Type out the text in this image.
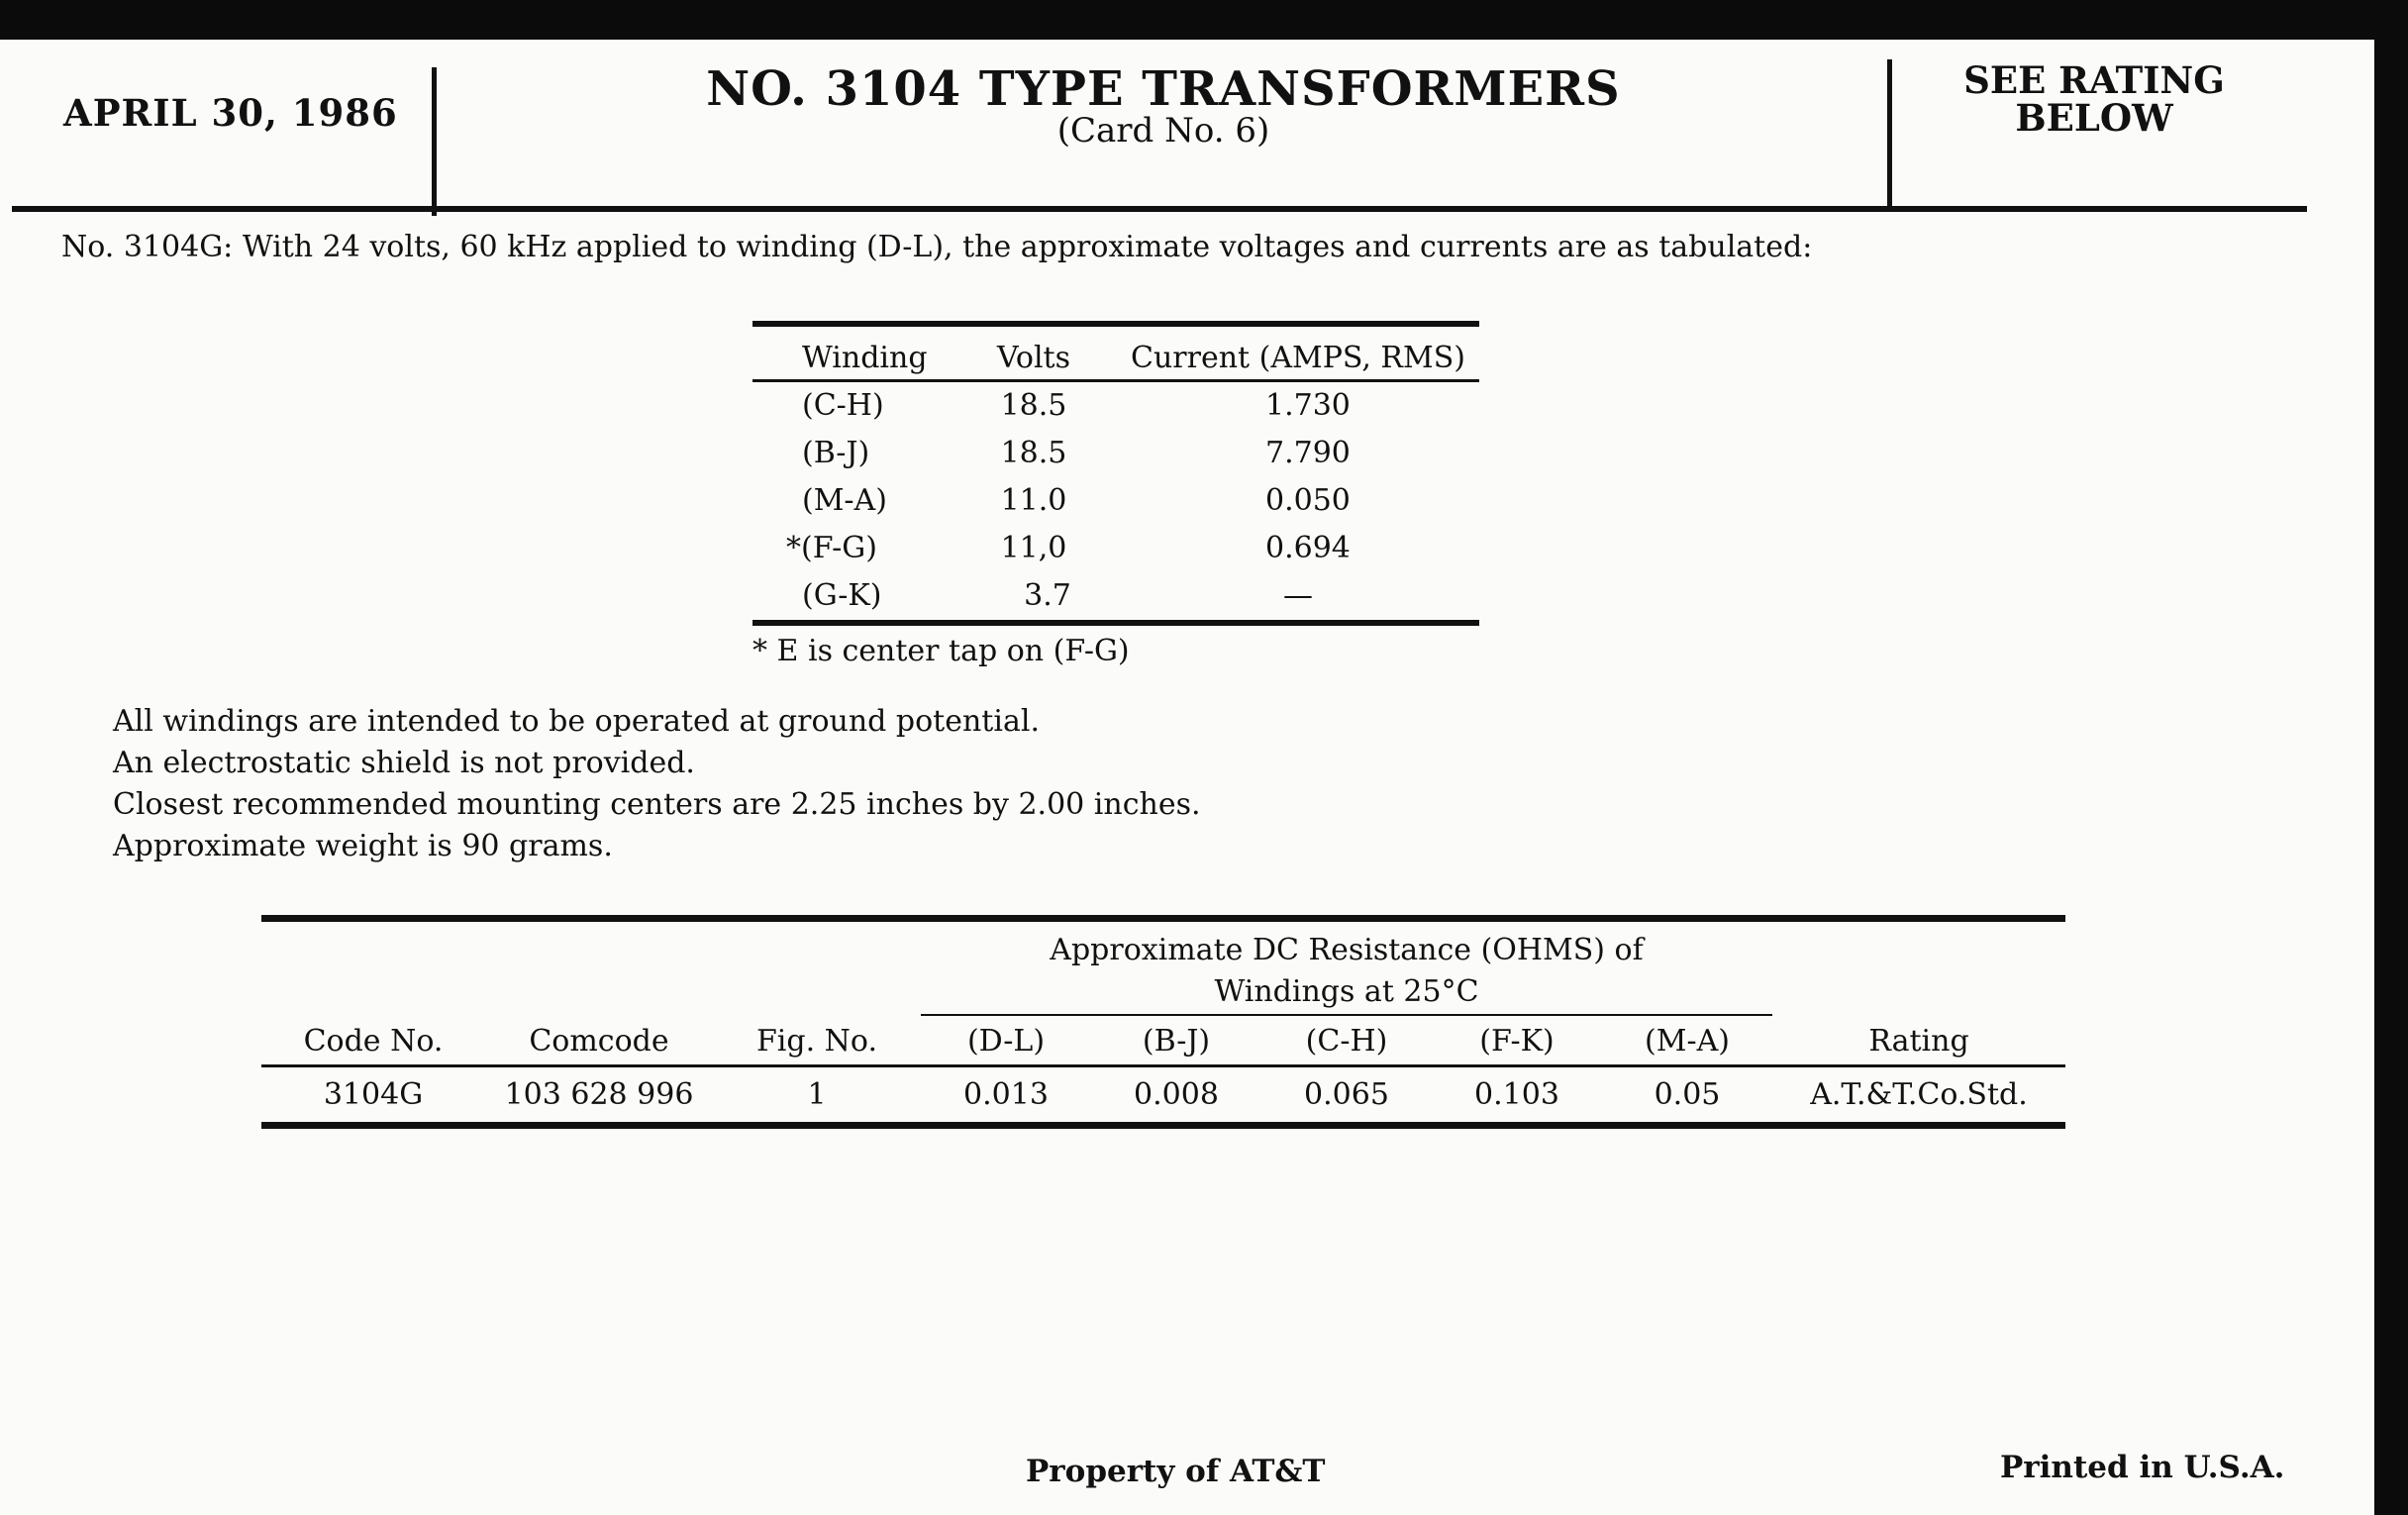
APRIL 30, 1986	NO. 3104 TYPE TRANSFORMERS
(Card No. 6)
SEE RATING
BELOW
No. 3104G: With 24 volts, 60 kHz applied to winding (D-L), the approximate voltages and currents are as tabulated:
Winding	Volts	Current (AMPS, RMS)
(C-H)	18.5	1.730
(B-J)	18.5	7.790
(M-A)	11.0	0.050
*(F-G)	11,0	0.694
(G-K)	3.7	—
* E is center tap on (F-G)
All windings are intended to be operated at ground potential.
An electrostatic shield is not provided.
Closest recommended mounting centers are 2.25 inches by 2.00 inches.
Approximate weight is 90 grams.

			Approximate DC Resistance (OHMS) of
Windings at 25°C					

Code No.	Comcode	Fig. No.	(D-L)	(B-J)	(C-H)	(F-K)	(M-A)	Rating
3104G	103 628 996	1	0.013	0.008	0.065	0.103	0.05	A.T.&T.Co.Std.
Property of AT&T	Printed in U.S.A.
